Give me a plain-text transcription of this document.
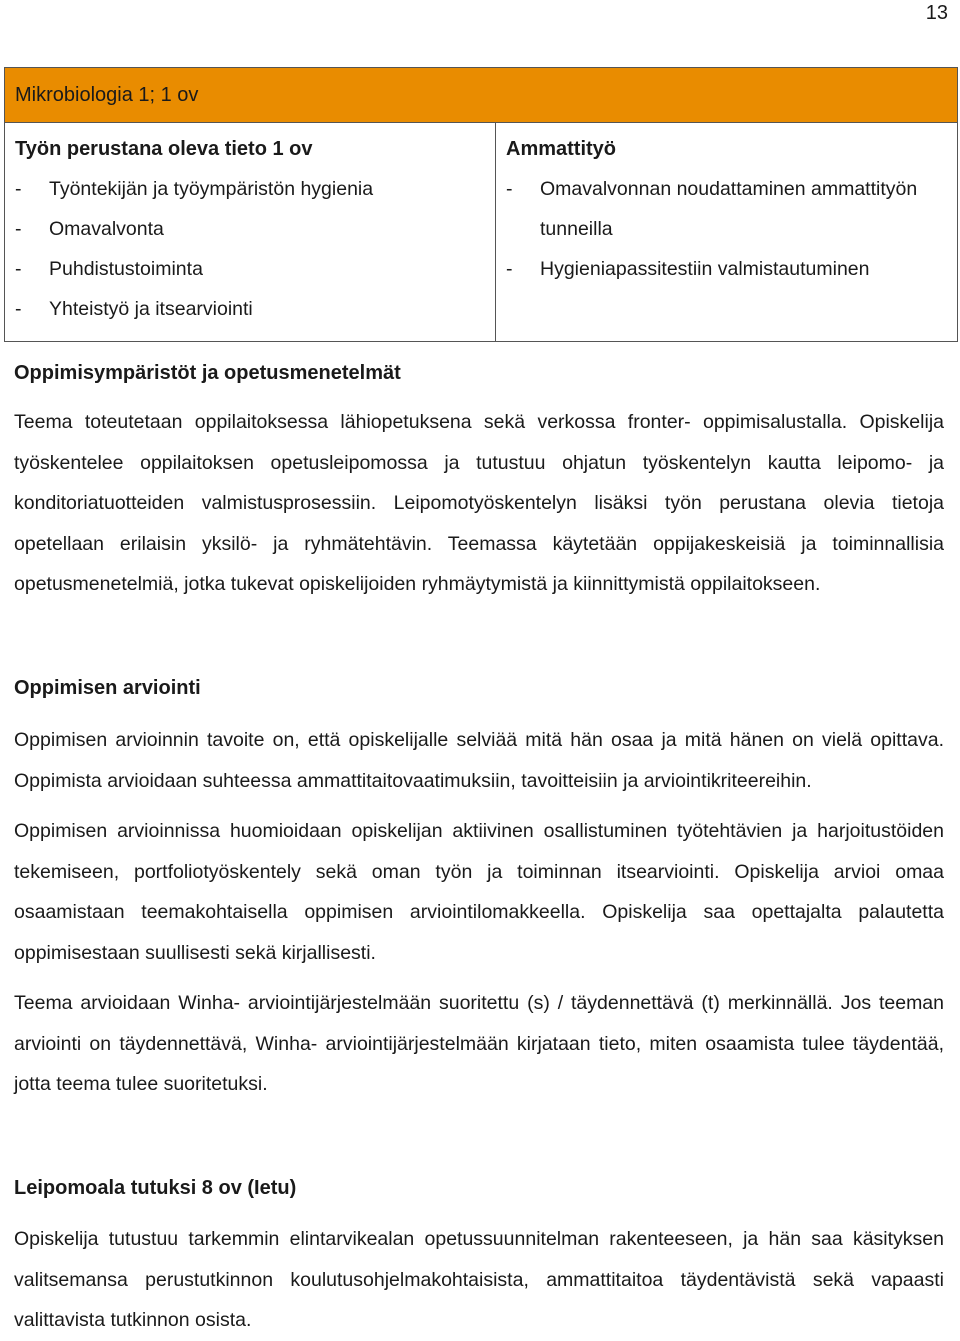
13
Mikrobiologia 1; 1 ov

Työn perustana oleva tieto 1 ov
-	Työntekijän ja työympäristön hygienia
-	Omavalvonta
-	Puhdistustoiminta
-	Yhteistyö ja itsearviointi

Ammattityö
-	Omavalvonnan noudattaminen ammattityön tunneilla
-	Hygieniapassitestiin valmistautuminen
Oppimisympäristöt ja opetusmenetelmät
Teema toteutetaan oppilaitoksessa lähiopetuksena sekä verkossa fronter- oppimisalustalla. Opiskelija työskentelee oppilaitoksen opetusleipomossa ja tutustuu ohjatun työskentelyn kautta leipomo- ja konditoriatuotteiden valmistusprosessiin. Leipomotyöskentelyn lisäksi työn perustana olevia tietoja opetellaan erilaisin yksilö- ja ryhmätehtävin. Teemassa käytetään oppijakeskeisiä ja toiminnallisia opetusmenetelmiä, jotka tukevat opiskelijoiden ryhmäytymistä ja kiinnittymistä oppilaitokseen.
Oppimisen arviointi
Oppimisen arvioinnin tavoite on, että opiskelijalle selviää mitä hän osaa ja mitä hänen on vielä opittava. Oppimista arvioidaan suhteessa ammattitaitovaatimuksiin, tavoitteisiin ja arviointikriteereihin.
Oppimisen arvioinnissa huomioidaan opiskelijan aktiivinen osallistuminen työtehtävien ja harjoitustöiden tekemiseen, portfoliotyöskentely sekä oman työn ja toiminnan itsearviointi. Opiskelija arvioi omaa osaamistaan teemakohtaisella oppimisen arviointilomakkeella. Opiskelija saa opettajalta palautetta oppimisestaan suullisesti sekä kirjallisesti.
Teema arvioidaan Winha- arviointijärjestelmään suoritettu (s) / täydennettävä (t) merkinnällä. Jos teeman arviointi on täydennettävä, Winha- arviointijärjestelmään kirjataan tieto, miten osaamista tulee täydentää, jotta teema tulee suoritetuksi.
Leipomoala tutuksi 8 ov (Ietu)
Opiskelija tutustuu tarkemmin elintarvikealan opetussuunnitelman rakenteeseen, ja hän saa käsityksen valitsemansa perustutkinnon koulutusohjelmakohtaisista, ammattitaitoa täydentävistä sekä vapaasti valittavista tutkinnon osista.
